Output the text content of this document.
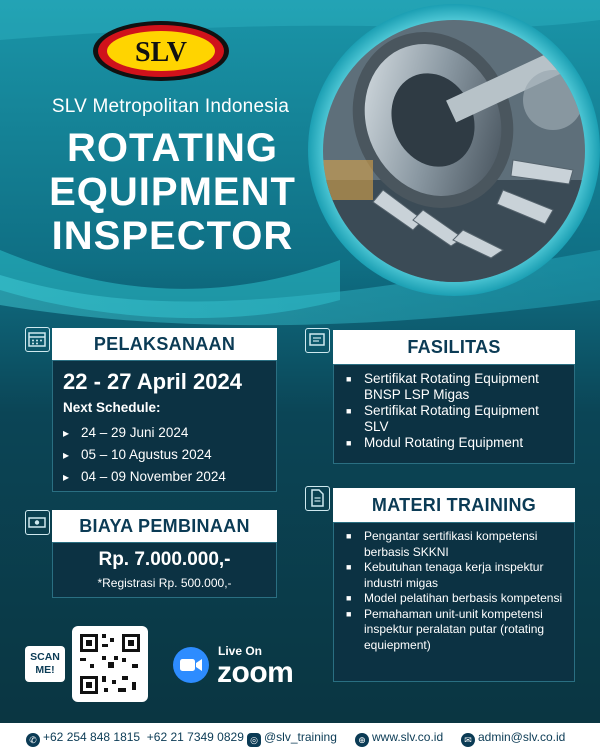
SLV
SLV Metropolitan Indonesia
ROTATING
EQUIPMENT
INSPECTOR
PELAKSANAAN
22 - 27 April 2024
Next Schedule:
▸ 24 – 29 Juni 2024
▸ 05 – 10 Agustus 2024
▸ 04 – 09 November 2024
BIAYA PEMBINAAN
Rp. 7.000.000,-
*Registrasi Rp. 500.000,-
FASILITAS
■ Sertifikat Rotating Equipment BNSP LSP Migas
■ Sertifikat Rotating Equipment SLV
■ Modul Rotating Equipment
MATERI TRAINING
■ Pengantar sertifikasi kompetensi berbasis SKKNI
■ Kebutuhan tenaga kerja inspektur industri migas
■ Model pelatihan berbasis kompetensi
■ Pemahaman unit-unit kompetensi inspektur peralatan putar (rotating equiepment)
SCAN
ME!
Live On
zoom
✆ +62 254 848 1815 +62 21 7349 0829 ◎ @slv_training	⊕ www.slv.co.id	✉ admin@slv.co.id
